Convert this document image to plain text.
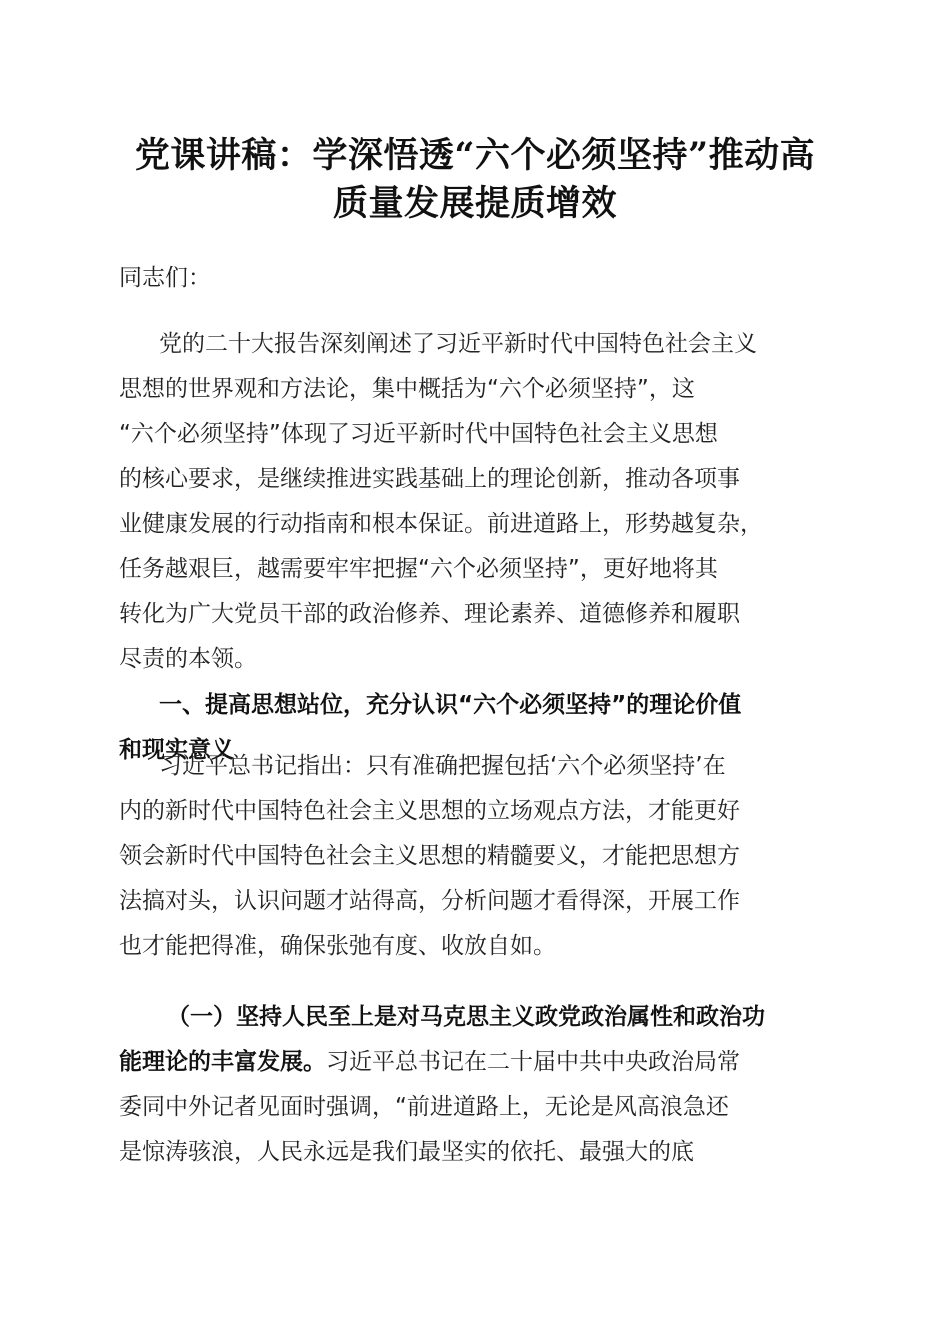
党课讲稿：学深悟透“六个必须坚持”推动高
质量发展提质增效
同志们：
党的二十大报告深刻阐述了习近平新时代中国特色社会主义
思想的世界观和方法论，集中概括为“六个必须坚持”，这
“六个必须坚持”体现了习近平新时代中国特色社会主义思想
的核心要求，是继续推进实践基础上的理论创新，推动各项事
业健康发展的行动指南和根本保证。前进道路上，形势越复杂，
任务越艰巨，越需要牢牢把握“六个必须坚持”，更好地将其
转化为广大党员干部的政治修养、理论素养、道德修养和履职
尽责的本领。
一、提高思想站位，充分认识“六个必须坚持”的理论价值
和现实意义
习近平总书记指出：只有准确把握包括‘六个必须坚持’在
内的新时代中国特色社会主义思想的立场观点方法，才能更好
领会新时代中国特色社会主义思想的精髓要义，才能把思想方
法搞对头，认识问题才站得高，分析问题才看得深，开展工作
也才能把得准，确保张弛有度、收放自如。
（一）坚持人民至上是对马克思主义政党政治属性和政治功
能理论的丰富发展。习近平总书记在二十届中共中央政治局常
委同中外记者见面时强调，“前进道路上，无论是风高浪急还
是惊涛骇浪，人民永远是我们最坚实的依托、最强大的底
